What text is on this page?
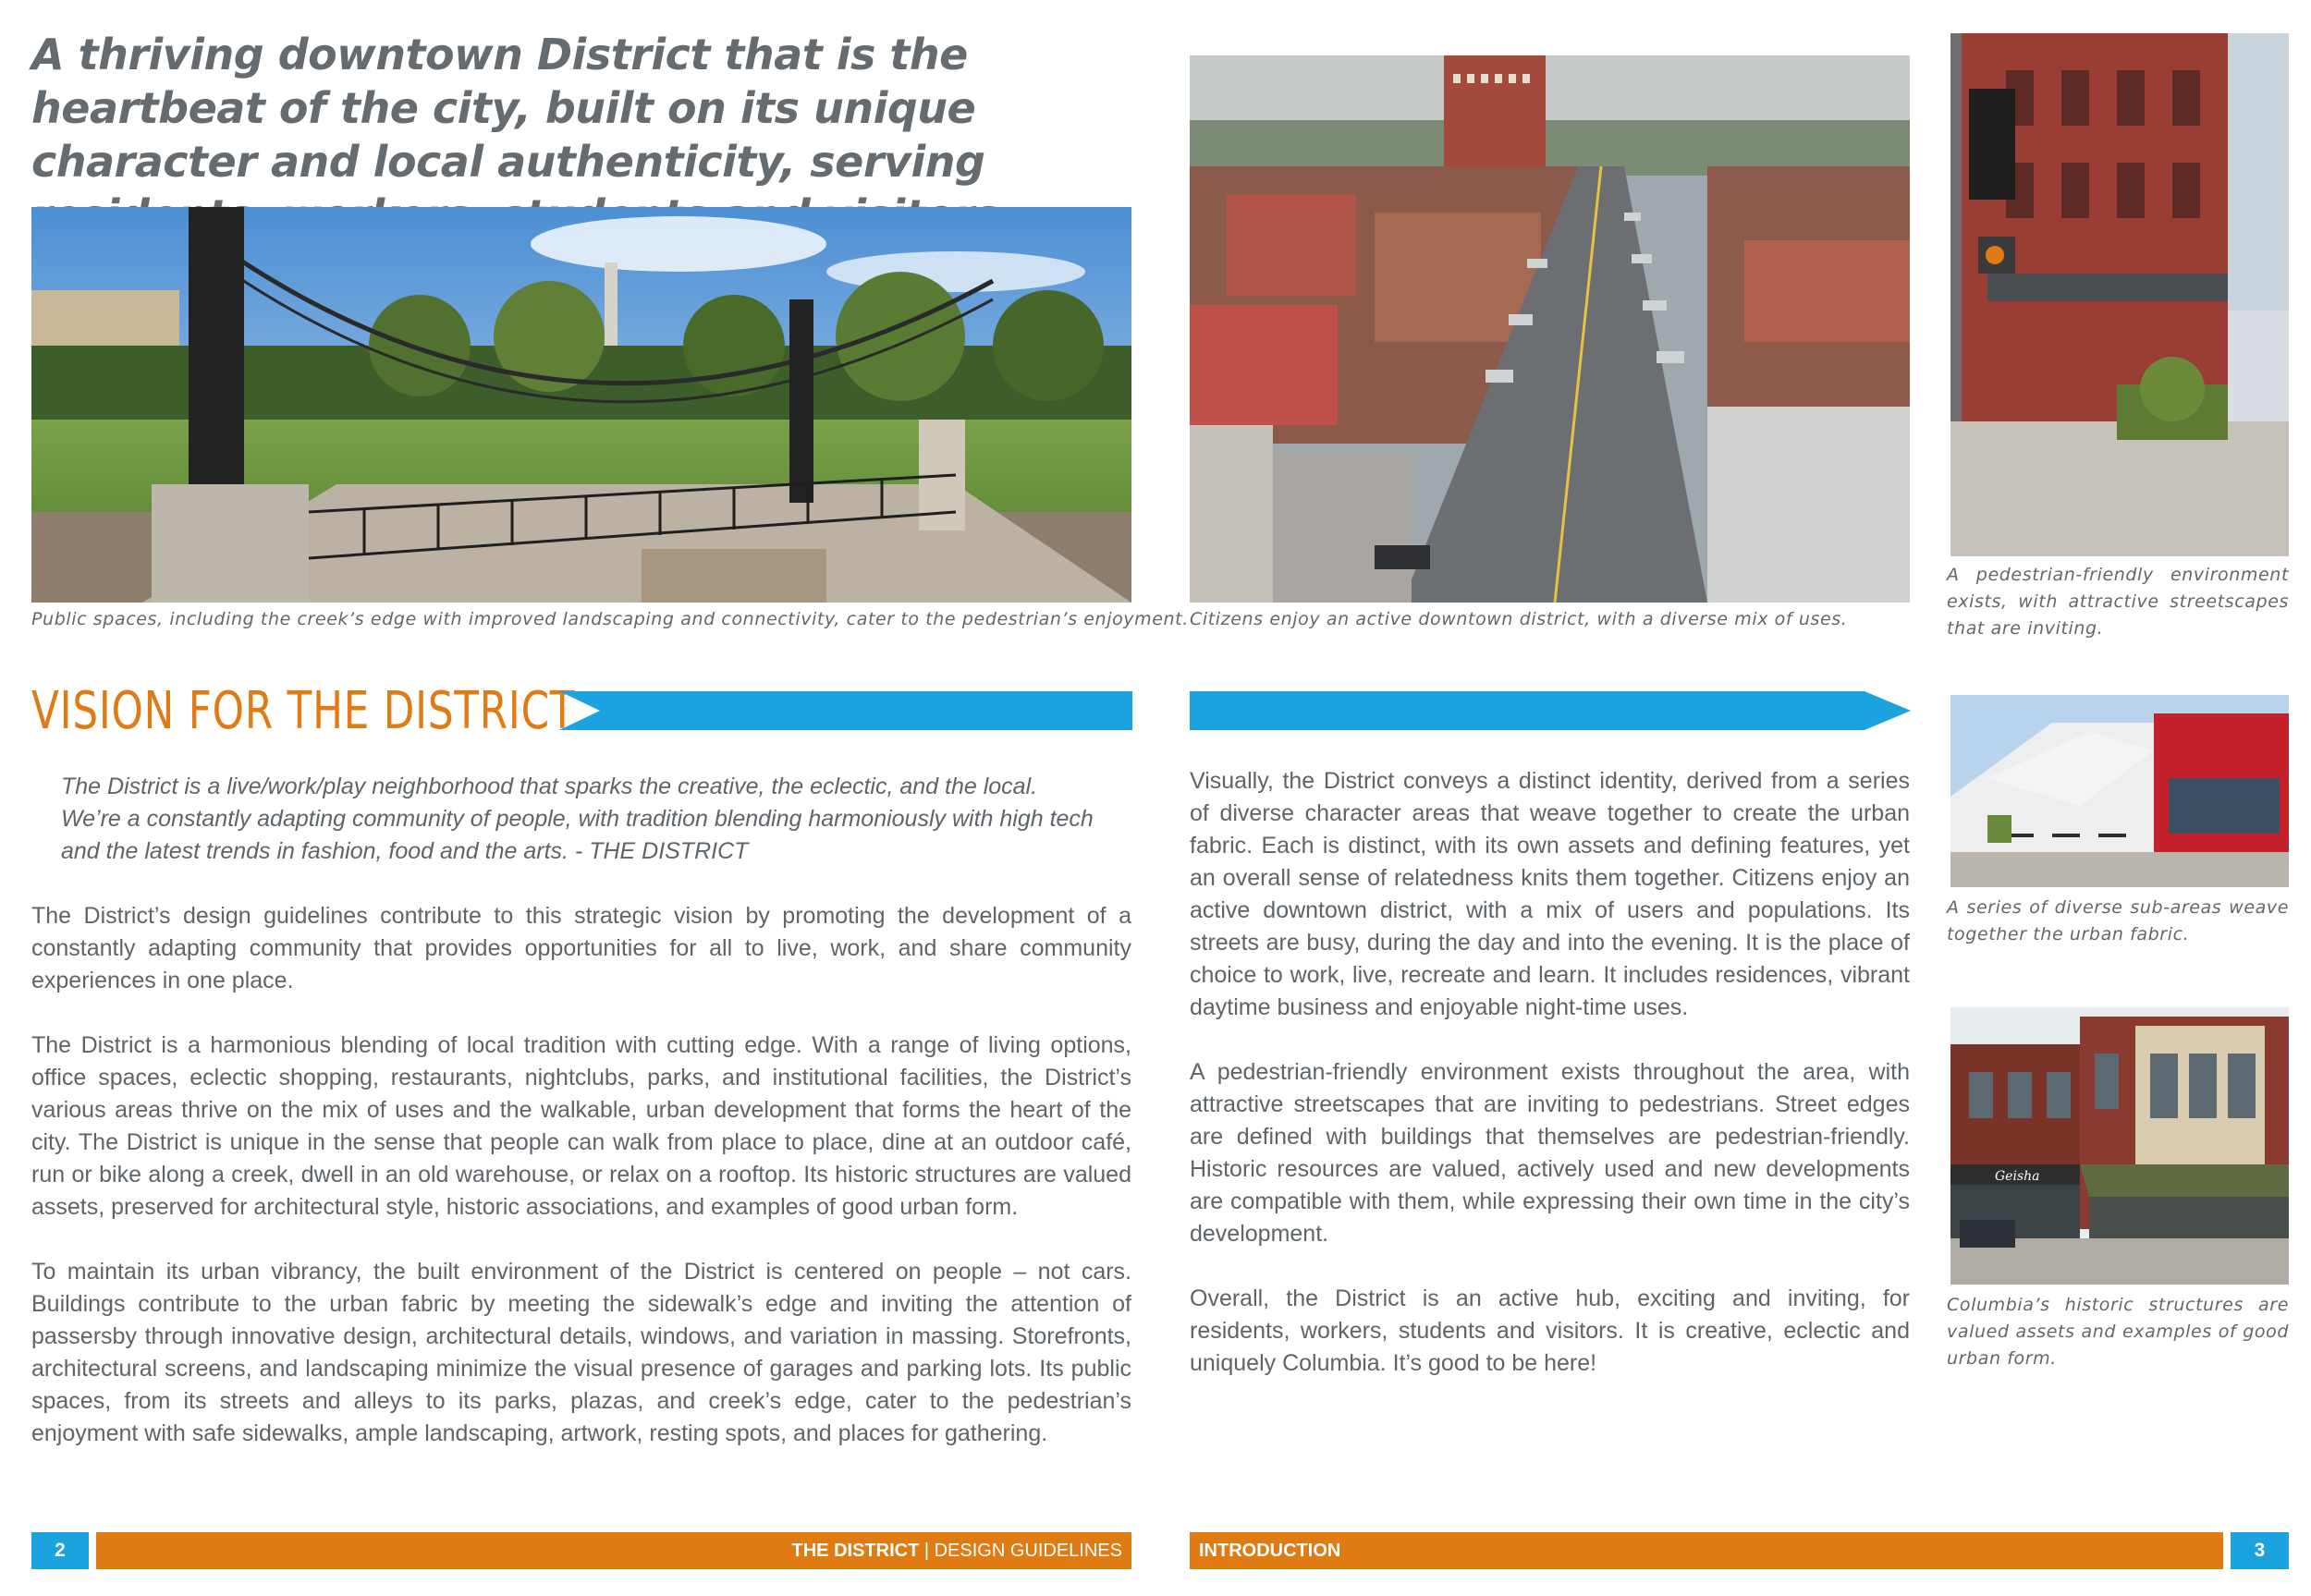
A thriving downtown District that is the heartbeat of the city, built on its unique character and local authenticity, serving
Public spaces, including the creek’s edge with improved landscaping and connectivity, cater to the pedestrian’s enjoyment. Citizens enjoy an active downtown district, with a diverse mix of uses.
A pedestrian-friendly environment exists, with attractive streetscapes that are inviting.
VISION FOR THE DISTRICT
The District is a live/work/play neighborhood that sparks the creative, the eclectic, and the local. We’re a constantly adapting community of people, with tradition blending harmoniously with high tech and the latest trends in fashion, food and the arts. - THE DISTRICT

The District’s design guidelines contribute to this strategic vision by promoting the development of a constantly adapting community that provides opportunities for all to live, work, and share community experiences in one place.

The District is a harmonious blending of local tradition with cutting edge. With a range of living options, office spaces, eclectic shopping, restaurants, nightclubs, parks, and institutional facilities, the District’s various areas thrive on the mix of uses and the walkable, urban development that forms the heart of the city. The District is unique in the sense that people can walk from place to place, dine at an outdoor café, run or bike along a creek, dwell in an old warehouse, or relax on a rooftop. Its historic structures are valued assets, preserved for architectural style, historic associations, and examples of good urban form.

To maintain its urban vibrancy, the built environment of the District is centered on people – not cars. Buildings contribute to the urban fabric by meeting the sidewalk’s edge and inviting the attention of passersby through innovative design, architectural details, windows, and variation in massing. Storefronts, architectural screens, and landscaping minimize the visual presence of garages and parking lots. Its public spaces, from its streets and alleys to its parks, plazas, and creek’s edge, cater to the pedestrian’s enjoyment with safe sidewalks, ample landscaping, artwork, resting spots, and places for gathering.

Visually, the District conveys a distinct identity, derived from a series of diverse character areas that weave together to create the urban fabric. Each is distinct, with its own assets and defining features, yet an overall sense of relatedness knits them together. Citizens enjoy an active downtown district, with a mix of users and populations. Its streets are busy, during the day and into the evening. It is the place of choice to work, live, recreate and learn. It includes residences, vibrant daytime business and enjoyable night-time uses.

A pedestrian-friendly environment exists throughout the area, with attractive streetscapes that are inviting to pedestrians. Street edges are defined with buildings that themselves are pedestrian-friendly. Historic resources are valued, actively used and new developments are compatible with them, while expressing their own time in the city’s development.

Overall, the District is an active hub, exciting and inviting, for residents, workers, students and visitors. It is creative, eclectic and uniquely Columbia. It’s good to be here!

A series of diverse sub-areas weave together the urban fabric.
Geisha
Columbia’s historic structures are valued assets and examples of good urban form.
2	THE DISTRICT | DESIGN GUIDELINES	INTRODUCTION	3
